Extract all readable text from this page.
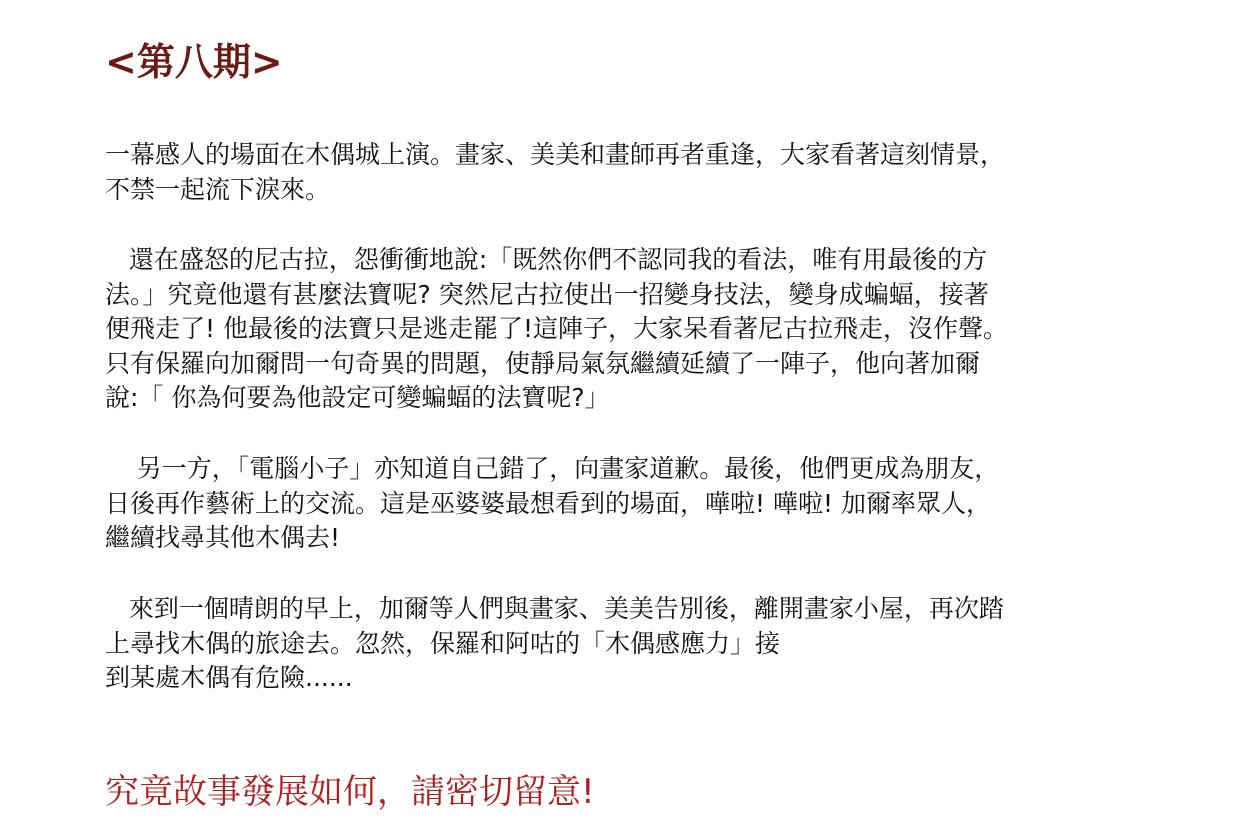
<第八期>

一幕感人的場面在木偶城上演。畫家、美美和畫師再者重逢，大家看著這刻情景，
不禁一起流下淚來。

還在盛怒的尼古拉，怨衝衝地說:「既然你們不認同我的看法，唯有用最後的方
法。」究竟他還有甚麼法寶呢? 突然尼古拉使出一招變身技法，變身成蝙蝠，接著
便飛走了! 他最後的法寶只是逃走罷了!這陣子，大家呆看著尼古拉飛走，沒作聲。
只有保羅向加爾問一句奇異的問題，使靜局氣氛繼續延續了一陣子，他向著加爾
說:「 你為何要為他設定可變蝙蝠的法寶呢?」

另一方，「電腦小子」亦知道自己錯了，向畫家道歉。最後，他們更成為朋友，
日後再作藝術上的交流。這是巫婆婆最想看到的場面，嘩啦! 嘩啦! 加爾率眾人，
繼續找尋其他木偶去!

來到一個晴朗的早上，加爾等人們與畫家、美美告別後，離開畫家小屋，再次踏
上尋找木偶的旅途去。忽然，保羅和阿咕的「木偶感應力」接
到某處木偶有危險......

究竟故事發展如何，請密切留意!
